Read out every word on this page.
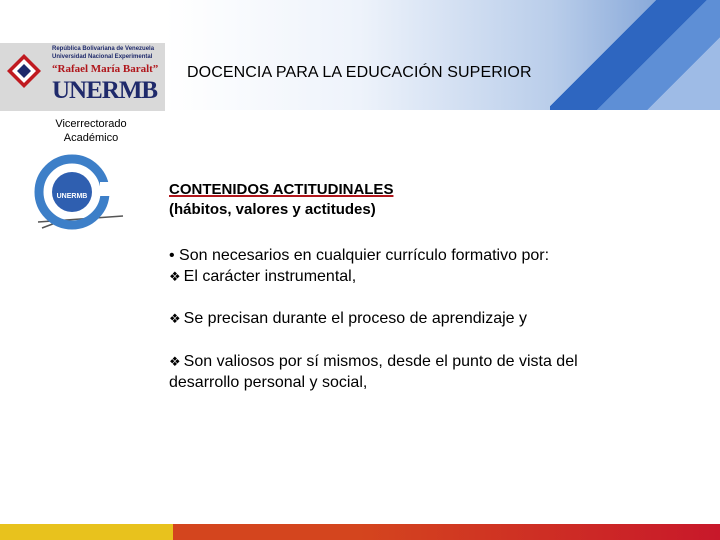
DOCENCIA PARA LA EDUCACIÓN SUPERIOR
República Bolivariana de Venezuela
Universidad Nacional Experimental
“Rafael María Baralt”
UNERMB
Vicerrectorado
Académico
UNERMB	CONTENIDOS ACTITUDINALES
(hábitos, valores y actitudes)
• Son necesarios en cualquier currículo formativo por:
❖ El carácter instrumental,
❖ Se precisan durante el proceso de aprendizaje y
❖ Son valiosos por sí mismos, desde el punto de vista del desarrollo personal y social,
